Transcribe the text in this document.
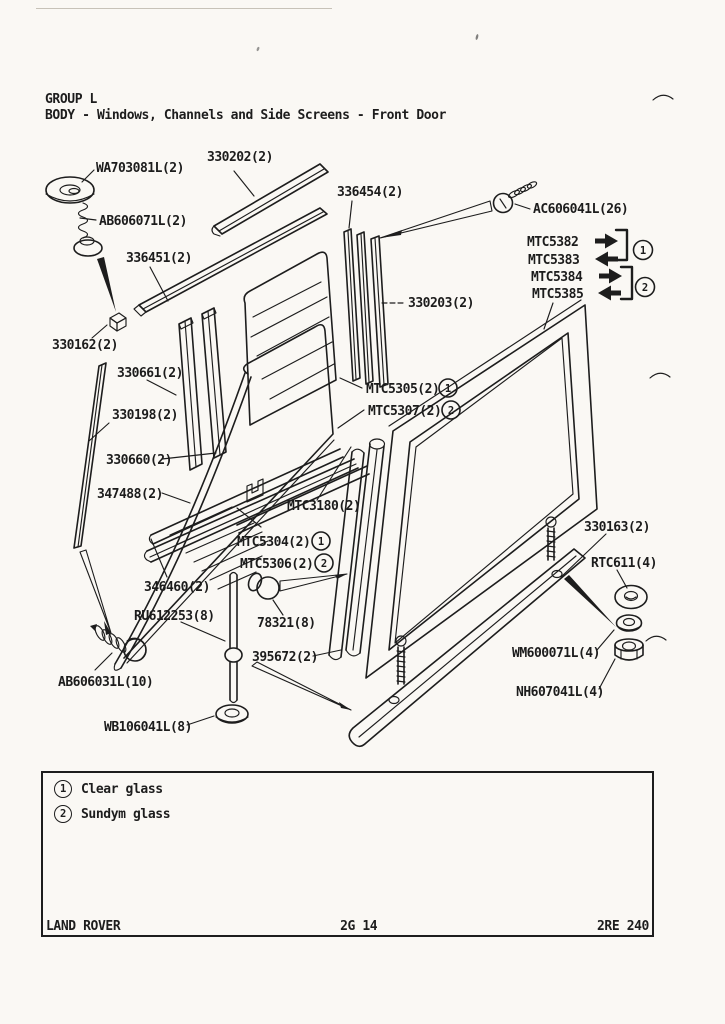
GROUP L
BODY - Windows, Channels and Side Screens - Front Door
MTC5382
MTC5383
MTC5384
MTC5385
1
2
WA703081L(2)
AB606071L(2)
330202(2)
336451(2)
336454(2)
AC606041L(26)
330203(2)
330162(2)
330661(2)
MTC5305(2)
MTC5307(2)
330198(2)
330660(2)
347488(2)
MTC3180(2)
MTC5304(2)
MTC5306(2)
330163(2)
346460(2)
RTC611(4)
RU612253(8)	78321(8)
395672(2)	WM600071L(4)
AB606031L(10)
NH607041L(4)
WB106041L(8)
1
2
1
2
1	Clear glass
2	Sundym glass
LAND ROVER	2G 14	2RE 240
